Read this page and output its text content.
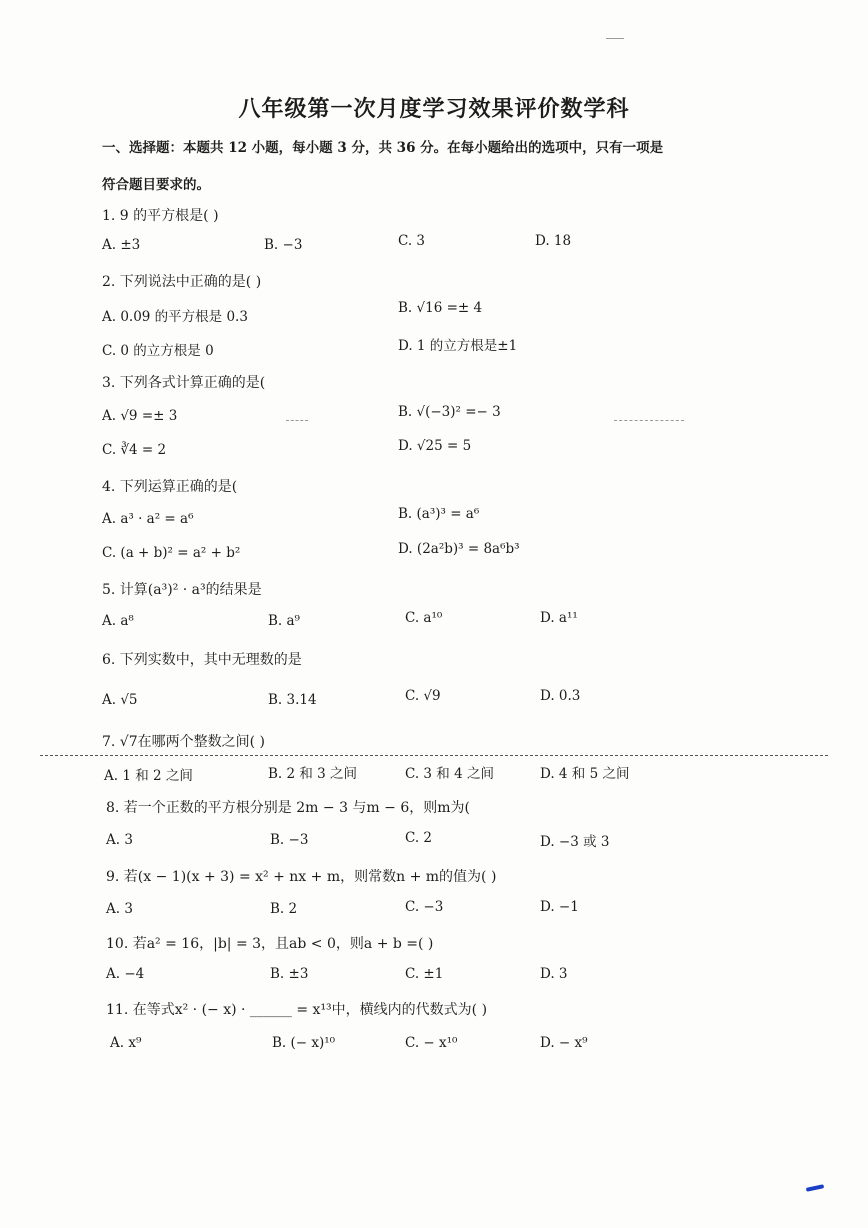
八年级第一次月度学习效果评价数学科
一、选择题：本题共 12 小题，每小题 3 分，共 36 分。在每小题给出的选项中，只有一项是
符合题目要求的。
1. 9 的平方根是( )
A. ±3	B. −3	C. 3	D. 18
2. 下列说法中正确的是( )
A. 0.09 的平方根是 0.3
B. √16 =± 4
C. 0 的立方根是 0	D. 1 的立方根是±1
3. 下列各式计算正确的是(
A. √9 =± 3	B. √(−3)² =− 3
C. ∛4 = 2	D. √25 = 5
4. 下列运算正确的是(
A. a³ · a² = a⁶	B. (a³)³ = a⁶
C. (a + b)² = a² + b²	D. (2a²b)³ = 8a⁶b³
5. 计算(a³)² · a³的结果是
A. a⁸	B. a⁹	C. a¹⁰	D. a¹¹
6. 下列实数中，其中无理数的是
A. √5	B. 3.14	C. √9	D. 0.3
7. √7在哪两个整数之间( )
A. 1 和 2 之间	B. 2 和 3 之间	C. 3 和 4 之间	D. 4 和 5 之间
8. 若一个正数的平方根分别是 2m − 3 与m − 6，则m为(
A. 3	B. −3	C. 2	D. −3 或 3
9. 若(x − 1)(x + 3) = x² + nx + m，则常数n + m的值为( )
A. 3	B. 2	C. −3	D. −1
10. 若a² = 16，|b| = 3，且ab < 0，则a + b =( )
A. −4	B. ±3	C. ±1	D. 3
11. 在等式x² · (− x) · ______ = x¹³中，横线内的代数式为( )
A. x⁹	B. (− x)¹⁰	C. − x¹⁰	D. − x⁹
